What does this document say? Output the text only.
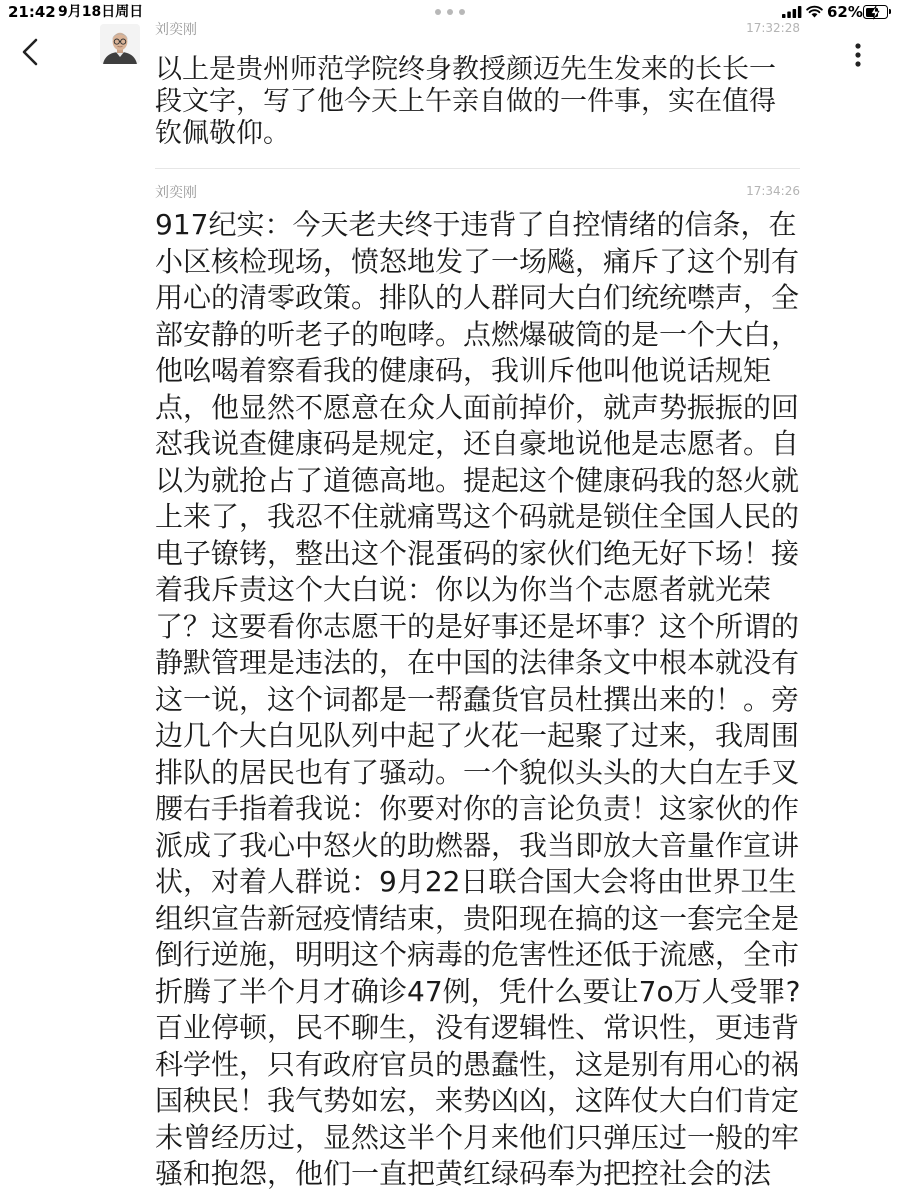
21:42 9月18日周日	62%
刘奕刚	17:32:28
以上是贵州师范学院终身教授颜迈先生发来的长长一
段文字，写了他今天上午亲自做的一件事，实在值得
钦佩敬仰。
刘奕刚	17:34:26
917纪实：今天老夫终于违背了自控情绪的信条，在
小区核检现场，愤怒地发了一场飚，痛斥了这个别有
用心的清零政策。排队的人群同大白们统统噤声，全
部安静的听老子的咆哮。点燃爆破筒的是一个大白，
他吆喝着察看我的健康码，我训斥他叫他说话规矩
点，他显然不愿意在众人面前掉价，就声势振振的回
怼我说查健康码是规定，还自豪地说他是志愿者。自
以为就抢占了道德高地。提起这个健康码我的怒火就
上来了，我忍不住就痛骂这个码就是锁住全国人民的
电子镣铐，整出这个混蛋码的家伙们绝无好下场！接
着我斥责这个大白说：你以为你当个志愿者就光荣
了？这要看你志愿干的是好事还是坏事？这个所谓的
静默管理是违法的，在中国的法律条文中根本就没有
这一说，这个词都是一帮蠢货官员杜撰出来的！。旁
边几个大白见队列中起了火花一起聚了过来，我周围
排队的居民也有了骚动。一个貌似头头的大白左手叉
腰右手指着我说：你要对你的言论负责！这家伙的作
派成了我心中怒火的助燃器，我当即放大音量作宣讲
状，对着人群说：9月22日联合国大会将由世界卫生
组织宣告新冠疫情结束，贵阳现在搞的这一套完全是
倒行逆施，明明这个病毒的危害性还低于流感，全市
折腾了半个月才确诊47例，凭什么要让7o万人受罪?
百业停顿，民不聊生，没有逻辑性、常识性，更违背
科学性，只有政府官员的愚蠢性，这是别有用心的祸
国秧民！我气势如宏，来势凶凶，这阵仗大白们肯定
未曾经历过，显然这半个月来他们只弹压过一般的牢
骚和抱怨，他们一直把黄红绿码奉为把控社会的法
